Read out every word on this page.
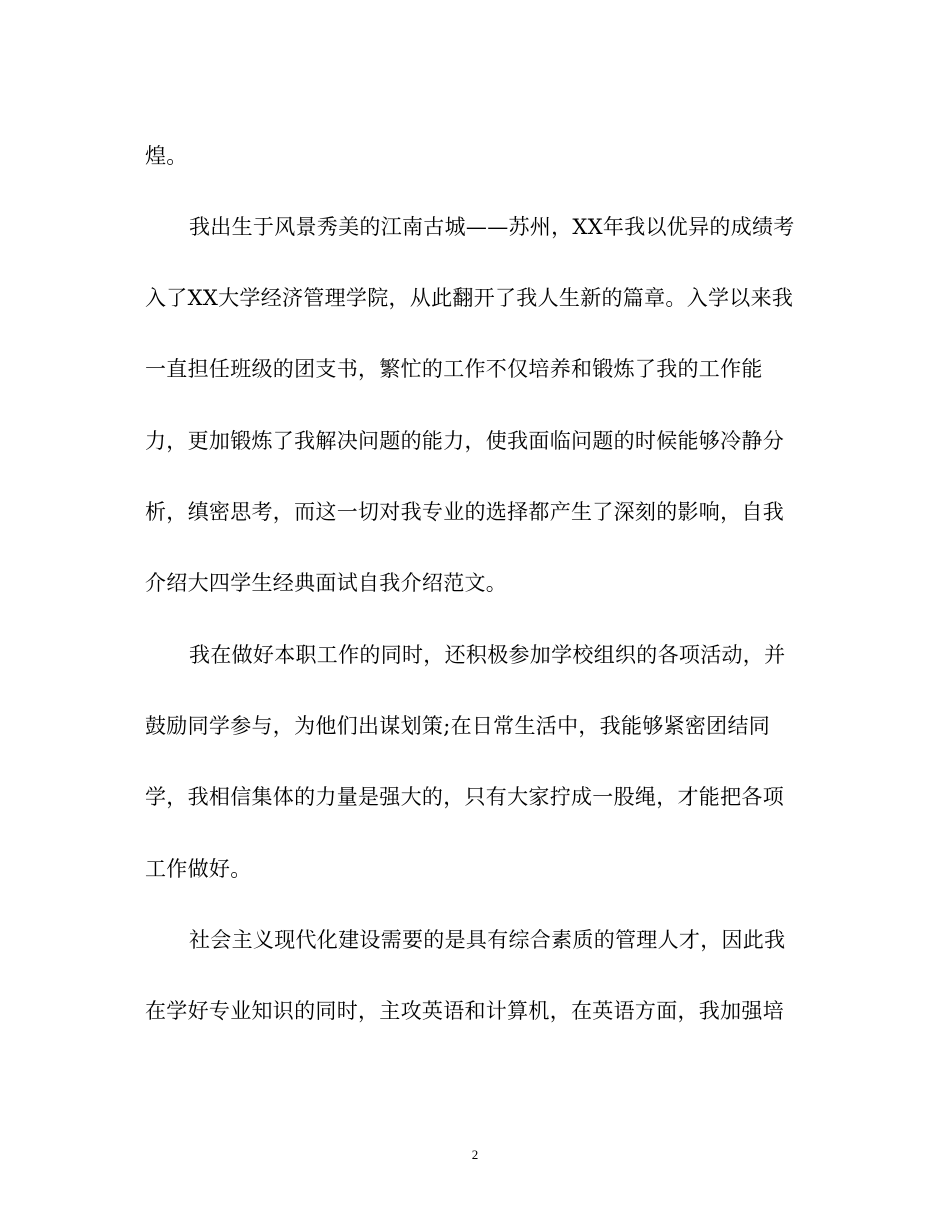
煌。
我出生于风景秀美的江南古城——苏州，XX年我以优异的成绩考
入了XX大学经济管理学院，从此翻开了我人生新的篇章。入学以来我
一直担任班级的团支书，繁忙的工作不仅培养和锻炼了我的工作能
力，更加锻炼了我解决问题的能力，使我面临问题的时候能够冷静分
析，缜密思考，而这一切对我专业的选择都产生了深刻的影响，自我
介绍大四学生经典面试自我介绍范文。
我在做好本职工作的同时，还积极参加学校组织的各项活动，并
鼓励同学参与，为他们出谋划策;在日常生活中，我能够紧密团结同
学，我相信集体的力量是强大的，只有大家拧成一股绳，才能把各项
工作做好。
社会主义现代化建设需要的是具有综合素质的管理人才，因此我
在学好专业知识的同时，主攻英语和计算机，在英语方面，我加强培
2
